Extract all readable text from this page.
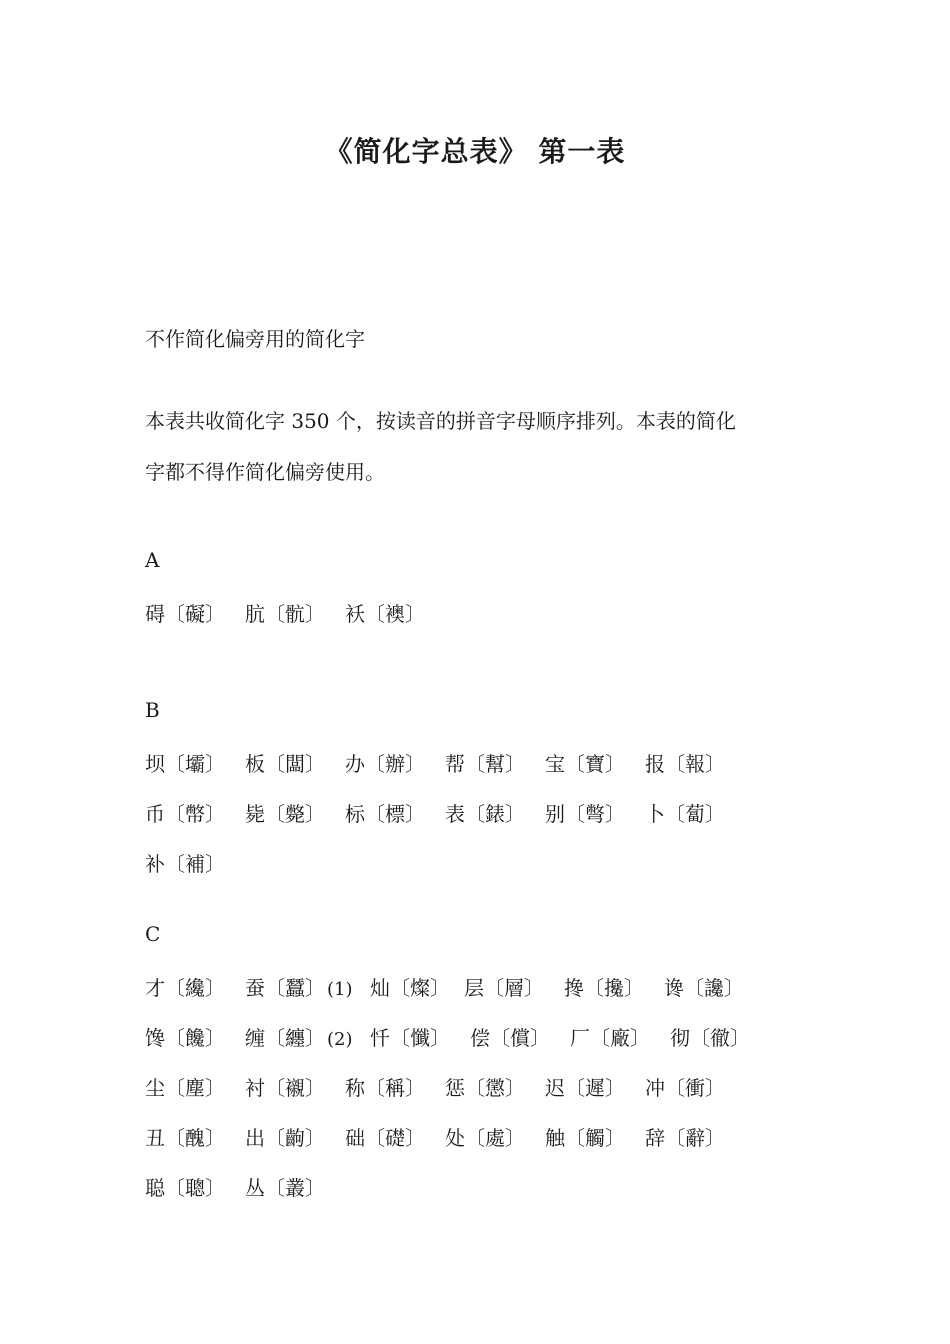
《简化字总表》 第一表
不作简化偏旁用的简化字

本表共收简化字 350 个，按读音的拼音字母顺序排列。本表的简化

字都不得作简化偏旁使用。

A
碍〔礙〕 肮〔骯〕 袄〔襖〕
B
坝〔壩〕 板〔闆〕 办〔辦〕 帮〔幫〕 宝〔寶〕 报〔報〕
币〔幣〕 毙〔斃〕 标〔標〕 表〔錶〕 别〔彆〕 卜〔蔔〕
补〔補〕
C
才〔纔〕 蚕〔蠶〕 (1) 灿〔燦〕 层〔層〕 搀〔攙〕 谗〔讒〕
馋〔饞〕 缠〔纏〕 (2) 忏〔懺〕 偿〔償〕 厂〔廠〕 彻〔徹〕
尘〔塵〕 衬〔襯〕 称〔稱〕 惩〔懲〕 迟〔遲〕 冲〔衝〕
丑〔醜〕 出〔齣〕 础〔礎〕 处〔處〕 触〔觸〕 辞〔辭〕
聪〔聰〕 丛〔叢〕
